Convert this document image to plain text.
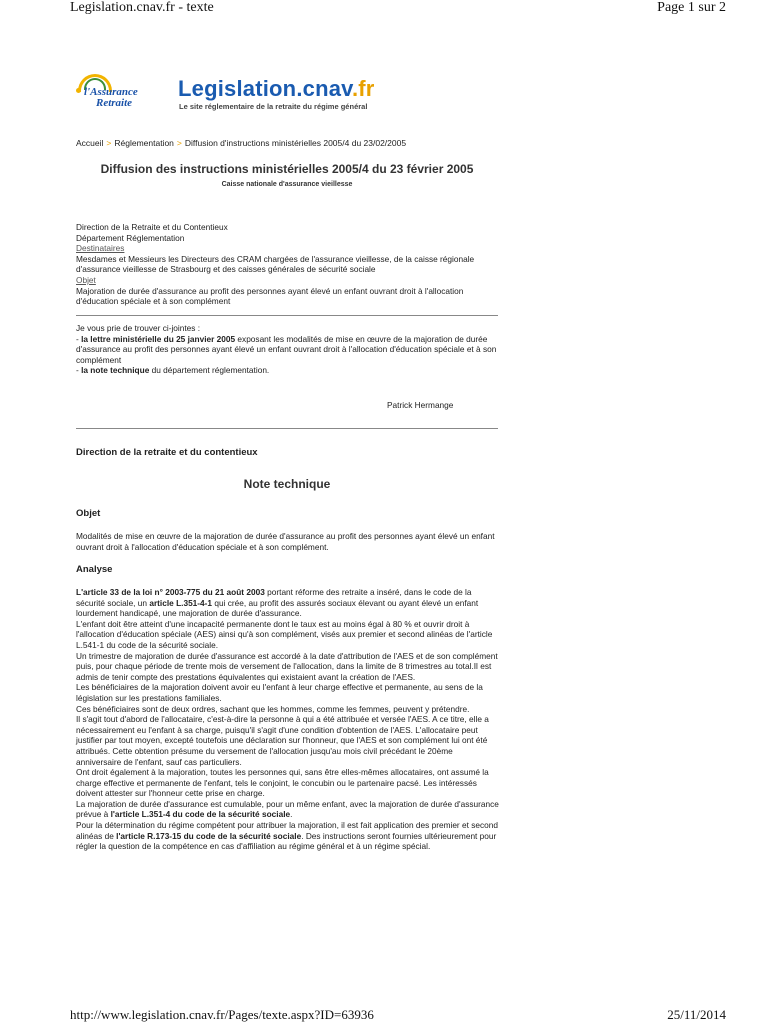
Legislation.cnav.fr - texte	Page 1 sur 2
l'Assurance
Retraite
Legislation.cnav.fr
Le site réglementaire de la retraite du régime général
Accueil > Réglementation > Diffusion d'instructions ministérielles 2005/4 du 23/02/2005
Diffusion des instructions ministérielles 2005/4 du 23 février 2005
Caisse nationale d'assurance vieillesse
Direction de la Retraite et du Contentieux
Département Réglementation
Destinataires
Mesdames et Messieurs les Directeurs des CRAM chargées de l'assurance vieillesse, de la caisse régionale d'assurance vieillesse de Strasbourg et des caisses générales de sécurité sociale
Objet
Majoration de durée d'assurance au profit des personnes ayant élevé un enfant ouvrant droit à l'allocation d'éducation spéciale et à son complément
Je vous prie de trouver ci-jointes :
- la lettre ministérielle du 25 janvier 2005 exposant les modalités de mise en œuvre de la majoration de durée d'assurance au profit des personnes ayant élevé un enfant ouvrant droit à l'allocation d'éducation spéciale et à son complément
- la note technique du département réglementation.
Patrick Hermange
Direction de la retraite et du contentieux
Note technique
Objet
Modalités de mise en œuvre de la majoration de durée d'assurance au profit des personnes ayant élevé un enfant ouvrant droit à l'allocation d'éducation spéciale et à son complément.
Analyse
L'article 33 de la loi n° 2003-775 du 21 août 2003 portant réforme des retraite a inséré, dans le code de la sécurité sociale, un article L.351-4-1 qui crée, au profit des assurés sociaux élevant ou ayant élevé un enfant lourdement handicapé, une majoration de durée d'assurance.
L'enfant doit être atteint d'une incapacité permanente dont le taux est au moins égal à 80 % et ouvrir droit à l'allocation d'éducation spéciale (AES) ainsi qu'à son complément, visés aux premier et second alinéas de l'article L.541-1 du code de la sécurité sociale.
Un trimestre de majoration de durée d'assurance est accordé à la date d'attribution de l'AES et de son complément puis, pour chaque période de trente mois de versement de l'allocation, dans la limite de 8 trimestres au total.Il est admis de tenir compte des prestations équivalentes qui existaient avant la création de l'AES.
Les bénéficiaires de la majoration doivent avoir eu l'enfant à leur charge effective et permanente, au sens de la législation sur les prestations familiales.
Ces bénéficiaires sont de deux ordres, sachant que les hommes, comme les femmes, peuvent y prétendre.
Il s'agit tout d'abord de l'allocataire, c'est-à-dire la personne à qui a été attribuée et versée l'AES. A ce titre, elle a nécessairement eu l'enfant à sa charge, puisqu'il s'agit d'une condition d'obtention de l'AES. L'allocataire peut justifier par tout moyen, excepté toutefois une déclaration sur l'honneur, que l'AES et son complément lui ont été attribués. Cette obtention présume du versement de l'allocation jusqu'au mois civil précédant le 20ème anniversaire de l'enfant, sauf cas particuliers.
Ont droit également à la majoration, toutes les personnes qui, sans être elles-mêmes allocataires, ont assumé la charge effective et permanente de l'enfant, tels le conjoint, le concubin ou le partenaire pacsé. Les intéressés doivent attester sur l'honneur cette prise en charge.
La majoration de durée d'assurance est cumulable, pour un même enfant, avec la majoration de durée d'assurance prévue à l'article L.351-4 du code de la sécurité sociale.
Pour la détermination du régime compétent pour attribuer la majoration, il est fait application des premier et second alinéas de l'article R.173-15 du code de la sécurité sociale. Des instructions seront fournies ultérieurement pour régler la question de la compétence en cas d'affiliation au régime général et à un régime spécial.
http://www.legislation.cnav.fr/Pages/texte.aspx?ID=63936	25/11/2014
